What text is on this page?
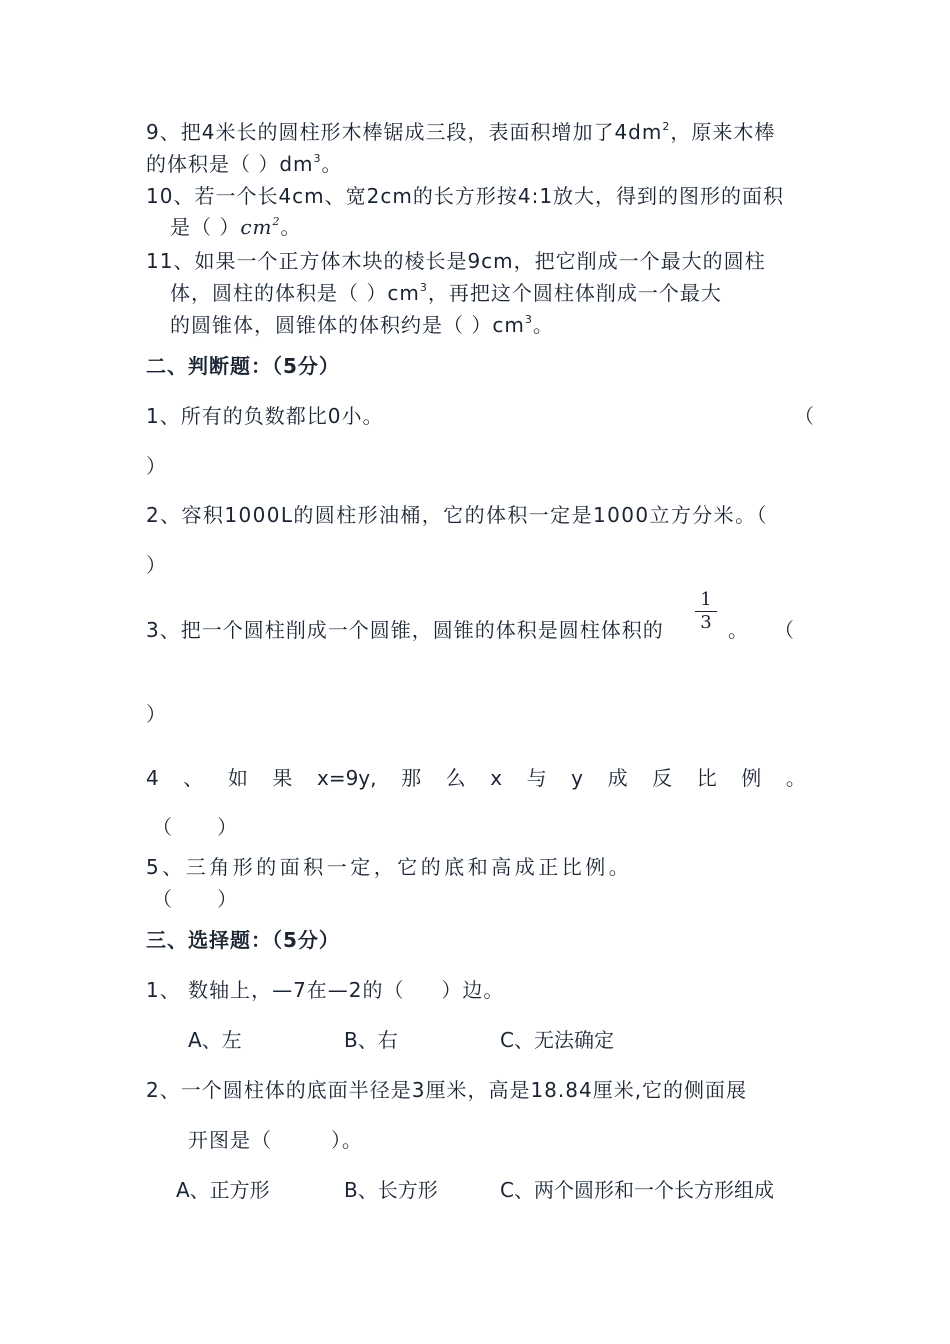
9、把4米长的圆柱形木棒锯成三段，表面积增加了$4dm^2$，原来木棒
的体积是（ ）$dm^3$。
10、若一个长4cm、宽2cm的长方形按4:1放大，得到的图形的面积
是（ ）$cm^2$。
11、如果一个正方体木块的棱长是9cm，把它削成一个最大的圆柱
体，圆柱的体积是（ ）$cm^3$，再把这个圆柱体削成一个最大
的圆锥体，圆锥体的体积约是（ ）$cm^3$。
二、判断题：（5分）
1、所有的负数都比0小。	（
）
2、容积1000L的圆柱形油桶，它的体积一定是1000立方分米。（
）
3、把一个圆柱削成一个圆锥，圆锥的体积是圆柱体积的
1
3 。 （
）
4 、 如 果 x=9y, 那 么 x 与 y 成 反 比 例 。
（      ）
5、三角形的面积一定，它的底和高成正比例。
（      ）
三、选择题：（5分）
1、 数轴上，—7在—2的（     ）边。
A、左	B、右	C、无法确定
2、一个圆柱体的底面半径是3厘米，高是18.84厘米,它的侧面展
开图是（        ）。
A、正方形	B、长方形	C、两个圆形和一个长方形组成
